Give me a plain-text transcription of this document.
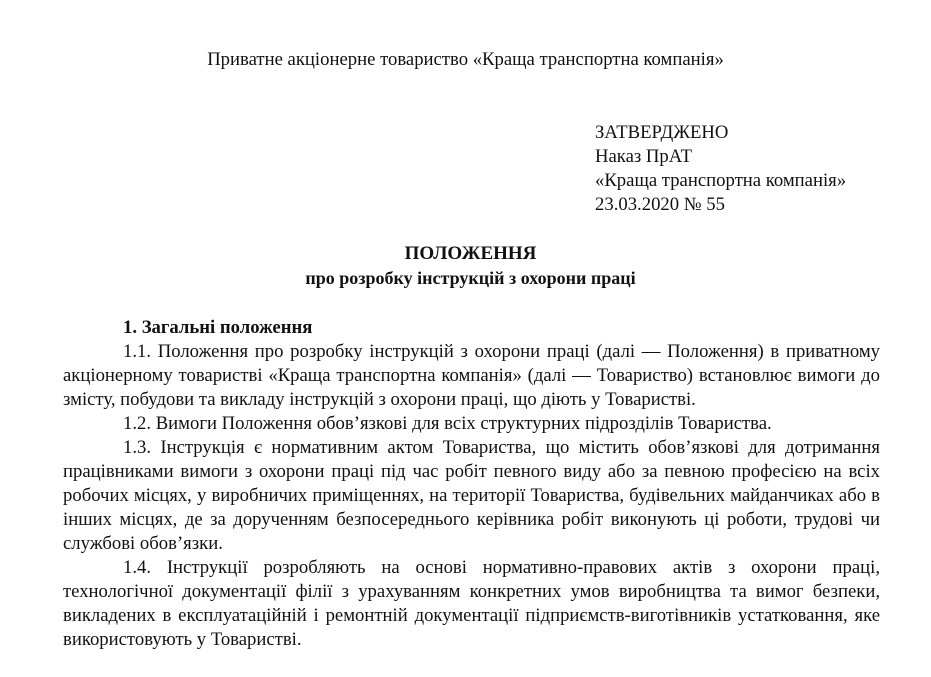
Приватне акціонерне товариство «Краща транспортна компанія»
ЗАТВЕРДЖЕНО
Наказ ПрАТ
«Краща транспортна компанія»
23.03.2020 № 55
ПОЛОЖЕННЯ
про розробку інструкцій з охорони праці

1. Загальні положення

1.1. Положення про розробку інструкцій з охорони праці (далі — Положення) в приватному акціонерному товаристві «Краща транспортна компанія» (далі — Товариство) встановлює вимоги до змісту, побудови та викладу інструкцій з охорони праці, що діють у Товаристві.

1.2. Вимоги Положення обов’язкові для всіх структурних підрозділів Товариства.

1.3. Інструкція є нормативним актом Товариства, що містить обов’язкові для дотримання працівниками вимоги з охорони праці під час робіт певного виду або за певною професією на всіх робочих місцях, у виробничих приміщеннях, на території Товариства, будівельних майданчиках або в інших місцях, де за дорученням безпосереднього керівника робіт виконують ці роботи, трудові чи службові обов’язки.

1.4. Інструкції розробляють на основі нормативно-правових актів з охорони праці, технологічної документації філії з урахуванням конкретних умов виробництва та вимог безпеки, викладених в експлуатаційній і ремонтній документації підприємств-виготівників устатковання, яке використовують у Товаристві.
